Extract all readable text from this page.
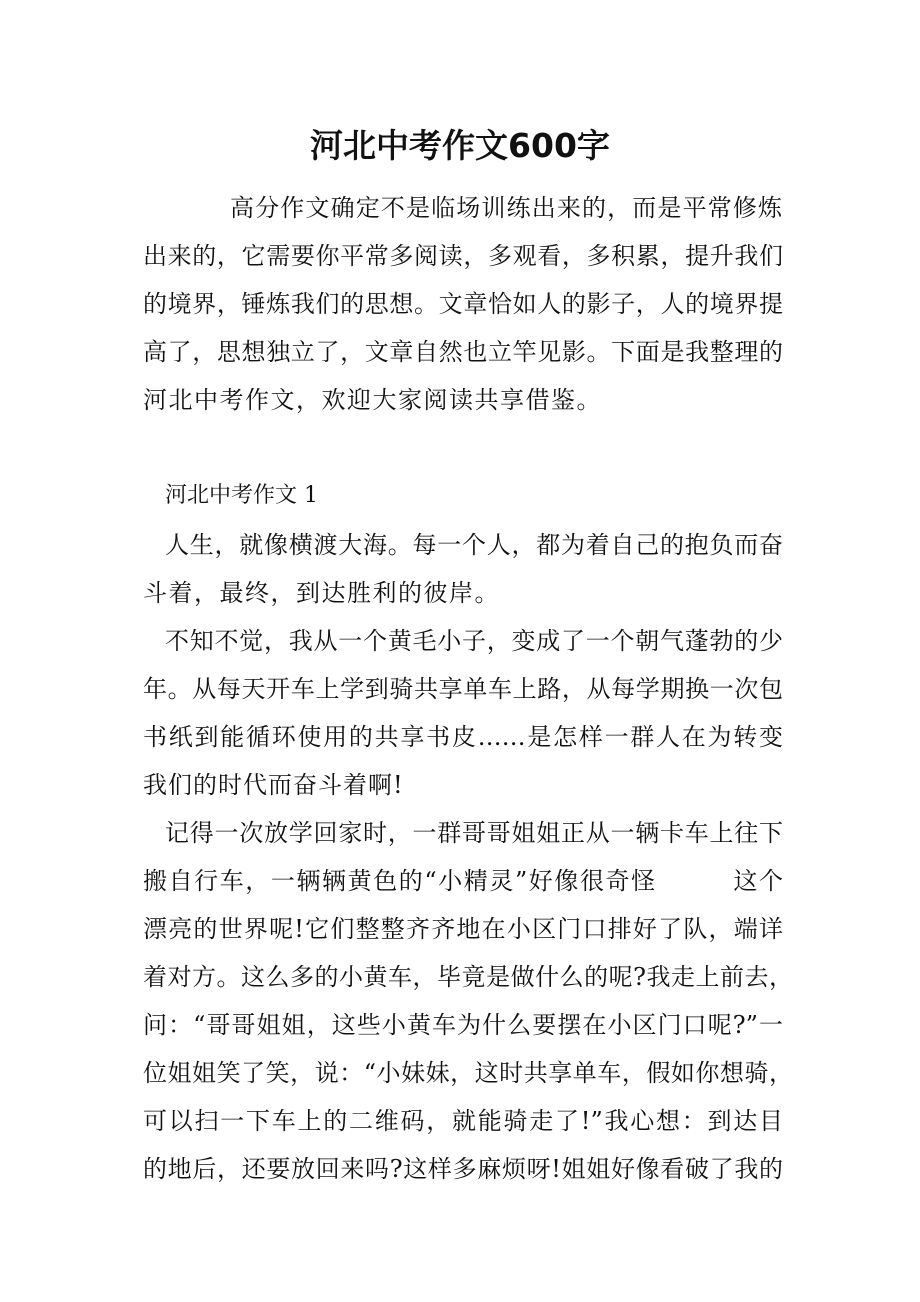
河北中考作文600字
高分作文确定不是临场训练出来的，而是平常修炼
出来的，它需要你平常多阅读，多观看，多积累，提升我们
的境界，锤炼我们的思想。文章恰如人的影子，人的境界提
高了，思想独立了，文章自然也立竿见影。下面是我整理的
河北中考作文，欢迎大家阅读共享借鉴。
河北中考作文 1
人生，就像横渡大海。每一个人，都为着自己的抱负而奋
斗着，最终，到达胜利的彼岸。
不知不觉，我从一个黄毛小子，变成了一个朝气蓬勃的少
年。从每天开车上学到骑共享单车上路，从每学期换一次包
书纸到能循环使用的共享书皮……是怎样一群人在为转变
我们的时代而奋斗着啊!
记得一次放学回家时，一群哥哥姐姐正从一辆卡车上往下
搬自行车，一辆辆黄色的“小精灵”好像很奇怪　　　这个
漂亮的世界呢!它们整整齐齐地在小区门口排好了队，端详
着对方。这么多的小黄车，毕竟是做什么的呢?我走上前去，
问：“哥哥姐姐，这些小黄车为什么要摆在小区门口呢?”一
位姐姐笑了笑，说：“小妹妹，这时共享单车，假如你想骑，
可以扫一下车上的二维码，就能骑走了!”我心想：到达目
的地后，还要放回来吗?这样多麻烦呀!姐姐好像看破了我的
